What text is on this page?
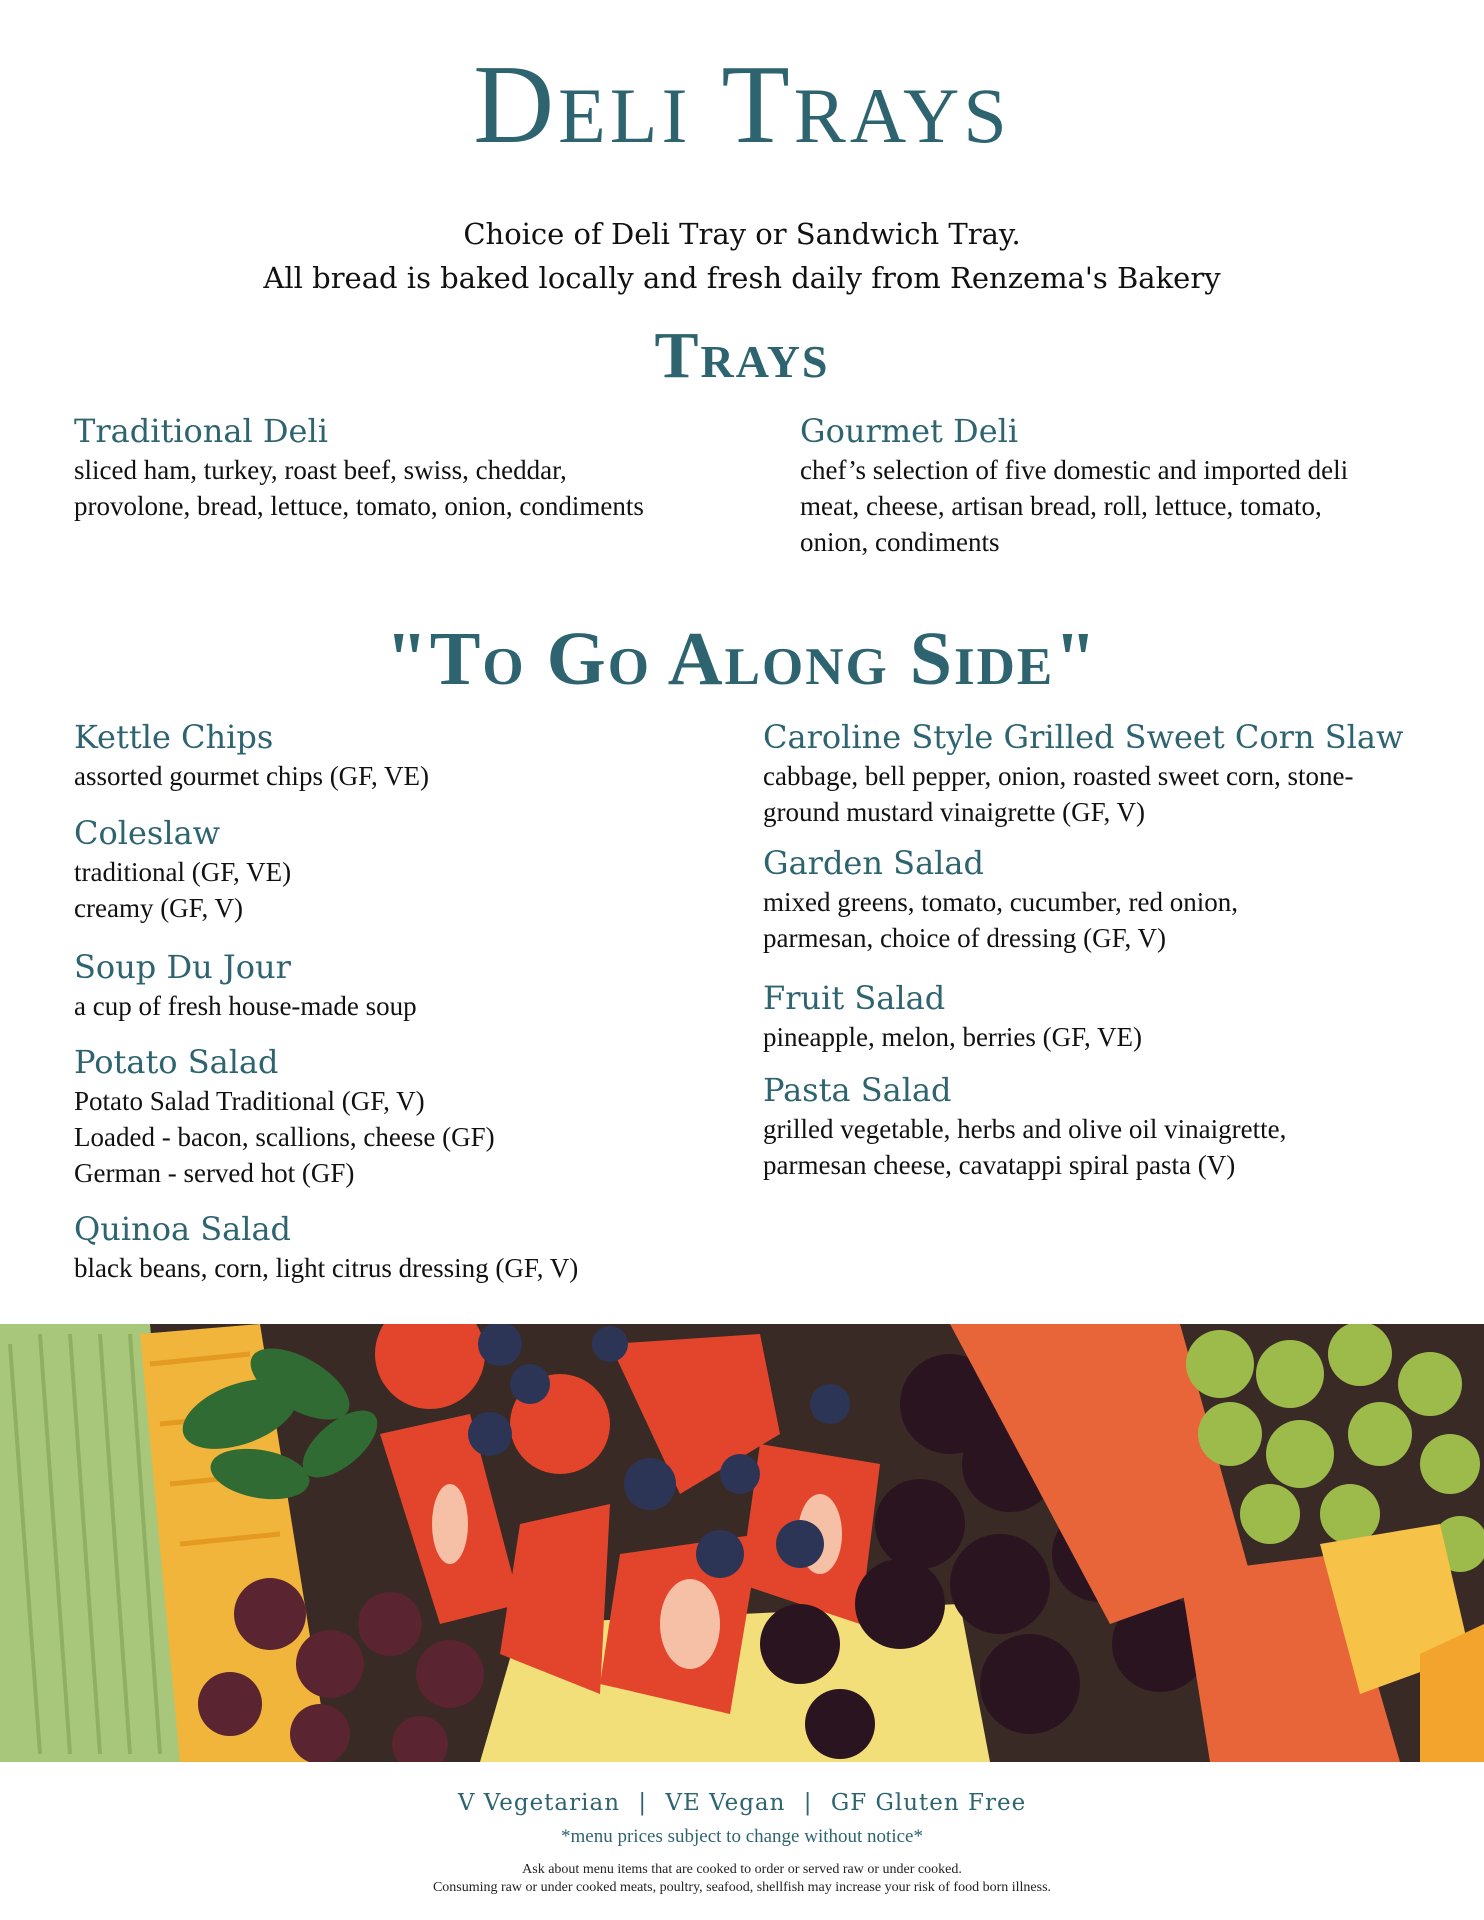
Deli Trays
Choice of Deli Tray or Sandwich Tray.
All bread is baked locally and fresh daily from Renzema's Bakery
Trays
Traditional Deli
sliced ham, turkey, roast beef, swiss, cheddar,
provolone, bread, lettuce, tomato, onion, condiments
Gourmet Deli
chef’s selection of five domestic and imported deli
meat, cheese, artisan bread, roll, lettuce, tomato,
onion, condiments
"To Go Along Side"
Kettle Chips
assorted gourmet chips (GF, VE)
Coleslaw
traditional (GF, VE)
creamy (GF, V)
Soup Du Jour
a cup of fresh house-made soup
Potato Salad
Potato Salad Traditional (GF, V)
Loaded - bacon, scallions, cheese (GF)
German - served hot (GF)
Quinoa Salad
black beans, corn, light citrus dressing (GF, V)
Caroline Style Grilled Sweet Corn Slaw
cabbage, bell pepper, onion, roasted sweet corn, stone-
ground mustard vinaigrette (GF, V)
Garden Salad
mixed greens, tomato, cucumber, red onion,
parmesan, choice of dressing (GF, V)
Fruit Salad
pineapple, melon, berries (GF, VE)
Pasta Salad
grilled vegetable, herbs and olive oil vinaigrette,
parmesan cheese, cavatappi spiral pasta (V)
V Vegetarian | VE Vegan | GF Gluten Free
*menu prices subject to change without notice*
Ask about menu items that are cooked to order or served raw or under cooked.
Consuming raw or under cooked meats, poultry, seafood, shellfish may increase your risk of food born illness.
